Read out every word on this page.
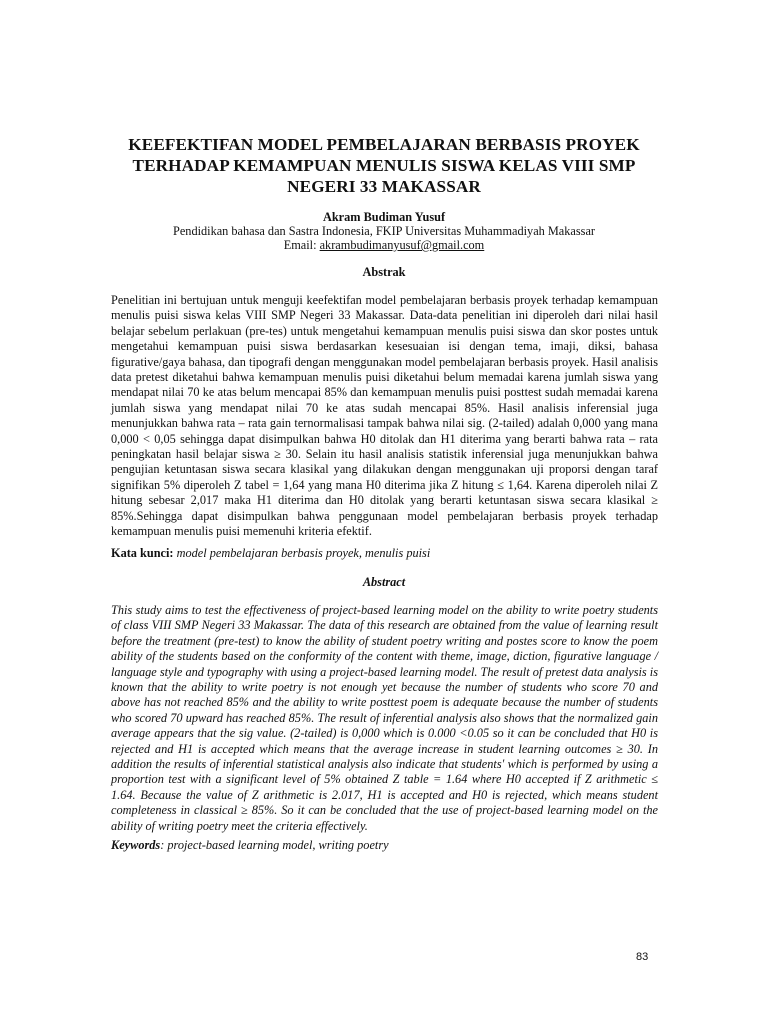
KEEFEKTIFAN MODEL PEMBELAJARAN BERBASIS PROYEK TERHADAP KEMAMPUAN MENULIS SISWA KELAS VIII SMP NEGERI 33 MAKASSAR
Akram Budiman Yusuf
Pendidikan bahasa dan Sastra Indonesia, FKIP Universitas Muhammadiyah Makassar
Email: akrambudimanyusuf@gmail.com
Abstrak

Penelitian ini bertujuan untuk menguji keefektifan model pembelajaran berbasis proyek terhadap kemampuan menulis puisi siswa kelas VIII SMP Negeri 33 Makassar. Data-data penelitian ini diperoleh dari nilai hasil belajar sebelum perlakuan (pre-tes) untuk mengetahui kemampuan menulis puisi siswa dan skor postes untuk mengetahui kemampuan puisi siswa berdasarkan kesesuaian isi dengan tema, imaji, diksi, bahasa figurative/gaya bahasa, dan tipografi dengan menggunakan model pembelajaran berbasis proyek. Hasil analisis data pretest diketahui bahwa kemampuan menulis puisi diketahui belum memadai karena jumlah siswa yang mendapat nilai 70 ke atas belum mencapai 85% dan kemampuan menulis puisi posttest sudah memadai karena jumlah siswa yang mendapat nilai 70 ke atas sudah mencapai 85%. Hasil analisis inferensial juga menunjukkan bahwa rata – rata gain ternormalisasi tampak bahwa nilai sig. (2-tailed) adalah 0,000 yang mana 0,000 < 0,05 sehingga dapat disimpulkan bahwa H0 ditolak dan H1 diterima yang berarti bahwa rata – rata peningkatan hasil belajar siswa ≥ 30. Selain itu hasil analisis statistik inferensial juga menunjukkan bahwa pengujian ketuntasan siswa secara klasikal yang dilakukan dengan menggunakan uji proporsi dengan taraf signifikan 5% diperoleh Z tabel = 1,64 yang mana H0 diterima jika Z hitung ≤ 1,64. Karena diperoleh nilai Z hitung sebesar 2,017 maka H1 diterima dan H0 ditolak yang berarti ketuntasan siswa secara klasikal ≥ 85%.Sehingga dapat disimpulkan bahwa penggunaan model pembelajaran berbasis proyek terhadap kemampuan menulis puisi memenuhi kriteria efektif.

Kata kunci: model pembelajaran berbasis proyek, menulis puisi
Abstract

This study aims to test the effectiveness of project-based learning model on the ability to write poetry students of class VIII SMP Negeri 33 Makassar. The data of this research are obtained from the value of learning result before the treatment (pre-test) to know the ability of student poetry writing and postes score to know the poem ability of the students based on the conformity of the content with theme, image, diction, figurative language / language style and typography with using a project-based learning model. The result of pretest data analysis is known that the ability to write poetry is not enough yet because the number of students who score 70 and above has not reached 85% and the ability to write posttest poem is adequate because the number of students who scored 70 upward has reached 85%. The result of inferential analysis also shows that the normalized gain average appears that the sig value. (2-tailed) is 0,000 which is 0.000 <0.05 so it can be concluded that H0 is rejected and H1 is accepted which means that the average increase in student learning outcomes ≥ 30. In addition the results of inferential statistical analysis also indicate that students' which is performed by using a proportion test with a significant level of 5% obtained Z table = 1.64 where H0 accepted if Z arithmetic ≤ 1.64. Because the value of Z arithmetic is 2.017, H1 is accepted and H0 is rejected, which means student completeness in classical ≥ 85%. So it can be concluded that the use of project-based learning model on the ability of writing poetry meet the criteria effectively.

Keywords: project-based learning model, writing poetry
83
